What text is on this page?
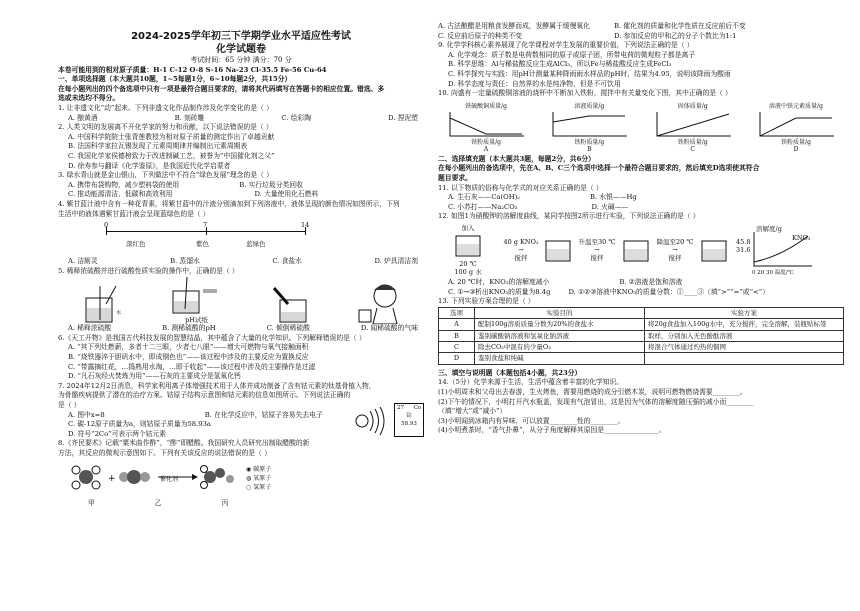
2024-2025学年初三下学期学业水平适应性考试
化学试题卷
考试时间：65 分钟 满分：70 分
本卷可能用到的相对原子质量：H-1 C-12 O-8 S-16 Na-23 Cl-35.5 Fe-56 Cu-64
一、单项选择题（本大题共10题，1~5每题1分，6~10每题2分，共15分）
在每小题列出的四个备选项中只有一项是最符合题目要求的，请将其代码填写在答题卡的相应位置。错选、多
选或未选均不得分。
1. 让非遗文化“动”起来。下列非遗文化作品制作涉及化学变化的是（ ）
A. 酿黄酒	B. 刻砖雕	C. 绘彩陶	D. 捏泥塑
2. 人类文明的发展离不开化学家的努力和贡献，以下说法错误的是（ ）
A. 中国科学院院士张青莲教授为相对原子质量的测定作出了卓越贡献
B. 法国科学家拉瓦锡发现了元素周期律并编制出元素周期表
C. 我国化学家侯德榜致力于改进制碱工艺，被誉为“中国催化剂之父”
D. 徐寿参与翻译《化学鉴原》，是我国近代化学启蒙者
3. 绿水青山就是金山银山，下列做法中不符合“绿色发展”理念的是（ ）
A. 携带布袋购物，减少塑料袋的使用	B. 实行垃圾分类回收
C. 推动能源清洁、低碳和高效利用	D. 大量使用化石燃料
4. 紫甘蓝汁液中含有一种花青素，将紫甘蓝中的汁液分别滴加到下列溶液中，液体呈现的颜色情况如图所示，下列
生活中的液体遇紫甘蓝汁液会呈现蓝绿色的是（ ）
0	7	14
深红色	紫色	蓝绿色
A. 洁厕灵	B. 蒸馏水	C. 食盐水	D. 炉具清洁剂
5. 稀释浓硫酸并进行硫酸性质实验的操作中，正确的是（ ）
水
pH试纸
A. 稀释浓硫酸	B. 测稀硫酸的pH	C. 倾倒稀硫酸	D. 闻稀硫酸的气味
6.《天工开物》是我国古代科技发展的智慧结晶，其中蕴含了大量的化学知识。下列解释错误的是（ ）
A. “其下列灶燃薪，多者十二三眼，少者七八眼”——增大可燃物与氧气接触面积
B. “烧铁器淬于胆矾水中，即成铜色也”——该过程中涉及的主要反应为置换反应
C. “带露摘红花，…捣熟用水淘，…即于收起”——该过程中涉及的主要操作是过滤
D. “凡石灰经火焚炼为用”——石灰的主要成分是氢氧化钙
7. 2024年12月2日消息，科学家利用离子体增强技术用于人体并成功制备了含有钴元素的钛基骨植入物，
为骨骼疾病提供了潜在的治疗方案。钴原子结构示意图和钴元素的信息如图所示。下列说法正确的
是（ ）
A. 图中x=8	B. 在化学反应中，钴原子容易失去电子
C. 碳-12原子质量为a，则钴原子质量为58.93a
D. 符号“2Co”可表示两个钴元素
27 Co
钴
58.93
8.《齐民要术》记载“粟米曲作酢”，“酢”即醋酸。我国研究人员研究出制取醋酸的新
方法，其反应的微观示意图如下。下列有关该反应的说法错误的是（ ）
+	催化剂
◉ 碳原子
◍ 氧原子
○ 氢原子
甲	乙	丙
A. 古法酿醋是用粮食发酵而成，发酵属于缓慢氧化	B. 催化剂的质量和化学性质在反应前后不变
C. 反应前后原子的种类不变	D. 参加反应的甲和乙的分子个数比为1:1
9. 化学学科核心素养展现了化学课程对学生发展的重要价值，下列说法正确的是（ ）
A. 化学观念：质子数是电荷数相同的原子或原子团，所带电荷的微观粒子都是离子
B. 科学思维：Al与稀盐酸反应生成AlCl₃，所以Fe与稀盐酸反应生成FeCl₃
C. 科学探究与实践：用pH计测量某种降雨雨水样品的pH时，结果为4.95，说明该降雨为酸雨
D. 科学态度与责任：自然界的水是纯净物，但是不可饮用
10. 向盛有一定量硫酸铜溶液的烧杯中不断加入铁粉，搅拌中有关量变化下图，其中正确的是（ ）
铁硫酸铜质量/g
铁粉质量/g
A
溶液质量/g
铁粉质量/g
B
固体质量/g
铁粉质量/g
C
溶液中铁元素质量/g
铁粉质量/g
D
二、选择填充题（本大题共3题，每题2分，共6分）
在每小题列出的备选项中，先在A、B、C三个选项中选择一个最符合题目要求的，然后填充D选项使其符合
题目要求。
11. 以下物质的俗称与化学式的对应关系正确的是（ ）
A. 生石灰——Ca(OH)₂	B. 水银——Hg
C. 小苏打——Na₂CO₃	D. 火碱——
12. 如图1为硝酸钾的溶解度曲线，某同学按图2所示进行实验，下列说法正确的是（ ）
加入
20 ℃
100 g 水
40 g KNO₃
→
搅拌
升温至30 ℃
→
搅拌
降温至20 ℃
→
搅拌
溶解度/g
45.8
31.6
KNO₃
0 20 30 温度/℃
A. 20 ℃时，KNO₃的溶解度减小	B. ②溶液是饱和溶液
C. ①→③析出KNO₃的质量为8.4g	D. ①②③溶液中KNO₃的质量分数：①____③（填“>”“=”或“<”）
13. 下列实验方案合理的是（ ）
选项	实验目的	实验方案
A	配制100g溶质质量分数为20%的食盐水	将20g食盐加入100g水中，充分搅拌，完全溶解，装瓶贴标签
B	鉴别碳酸钠溶液和氢氧化钠溶液	取样，分别加入无色酚酞溶液
C	除去CO₂中混有的少量O₂	将混合气体通过灼热的铜网
D	鉴别食盐和纯碱	
三、填空与说明题（本题包括4小题，共23分）
14.（5分）化学来源于生活，生活中蕴含着丰富的化学知识。
(1)小明周末和父母出去春游，生火烤鱼，需要用燃烧的成分引燃木炭，说明可燃物燃烧需要________。
(2)下午的情况下，小明打开汽水瓶盖，发现有气泡冒出，这是因为气体的溶解度随压强的减小而________
（填“增大”或“减小”）
(3)小明闻到冰箱内有异味，可以放置________性的________。
(4)小明煮茶时，“香气扑鼻”，从分子角度解释其原因是________________。
